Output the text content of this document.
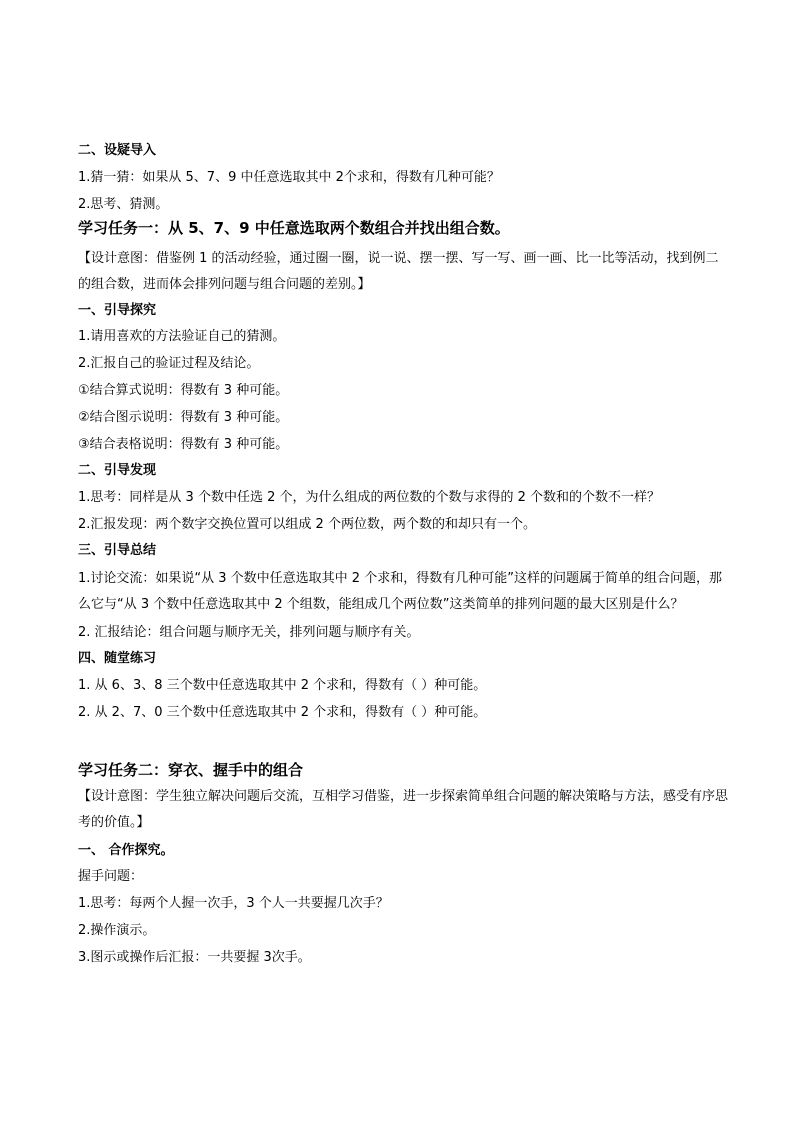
二、设疑导入

1.猜一猜：如果从 5、7、9 中任意选取其中 2个求和，得数有几种可能？

2.思考、猜测。

学习任务一：从 5、7、9 中任意选取两个数组合并找出组合数。

【设计意图：借鉴例 1 的活动经验，通过圈一圈，说一说、摆一摆、写一写、画一画、比一比等活动，找到例二的组合数，进而体会排列问题与组合问题的差别。】

一、引导探究

1.请用喜欢的方法验证自己的猜测。

2.汇报自己的验证过程及结论。

①结合算式说明：得数有 3 种可能。

②结合图示说明：得数有 3 种可能。

③结合表格说明：得数有 3 种可能。

二、引导发现

1.思考：同样是从 3 个数中任选 2 个，为什么组成的两位数的个数与求得的 2 个数和的个数不一样？

2.汇报发现：两个数字交换位置可以组成 2 个两位数，两个数的和却只有一个。

三、引导总结

1.讨论交流：如果说“从 3 个数中任意选取其中 2 个求和，得数有几种可能”这样的问题属于简单的组合问题，那么它与“从 3 个数中任意选取其中 2 个组数，能组成几个两位数”这类简单的排列问题的最大区别是什么？

2. 汇报结论：组合问题与顺序无关，排列问题与顺序有关。

四、随堂练习

1. 从 6、3、8 三个数中任意选取其中 2 个求和，得数有（ ）种可能。

2. 从 2、7、0 三个数中任意选取其中 2 个求和，得数有（ ）种可能。

学习任务二：穿衣、握手中的组合

【设计意图：学生独立解决问题后交流，互相学习借鉴，进一步探索简单组合问题的解决策略与方法，感受有序思考的价值。】

一、 合作探究。

握手问题：

1.思考：每两个人握一次手，3 个人一共要握几次手？

2.操作演示。

3.图示或操作后汇报：一共要握 3次手。
